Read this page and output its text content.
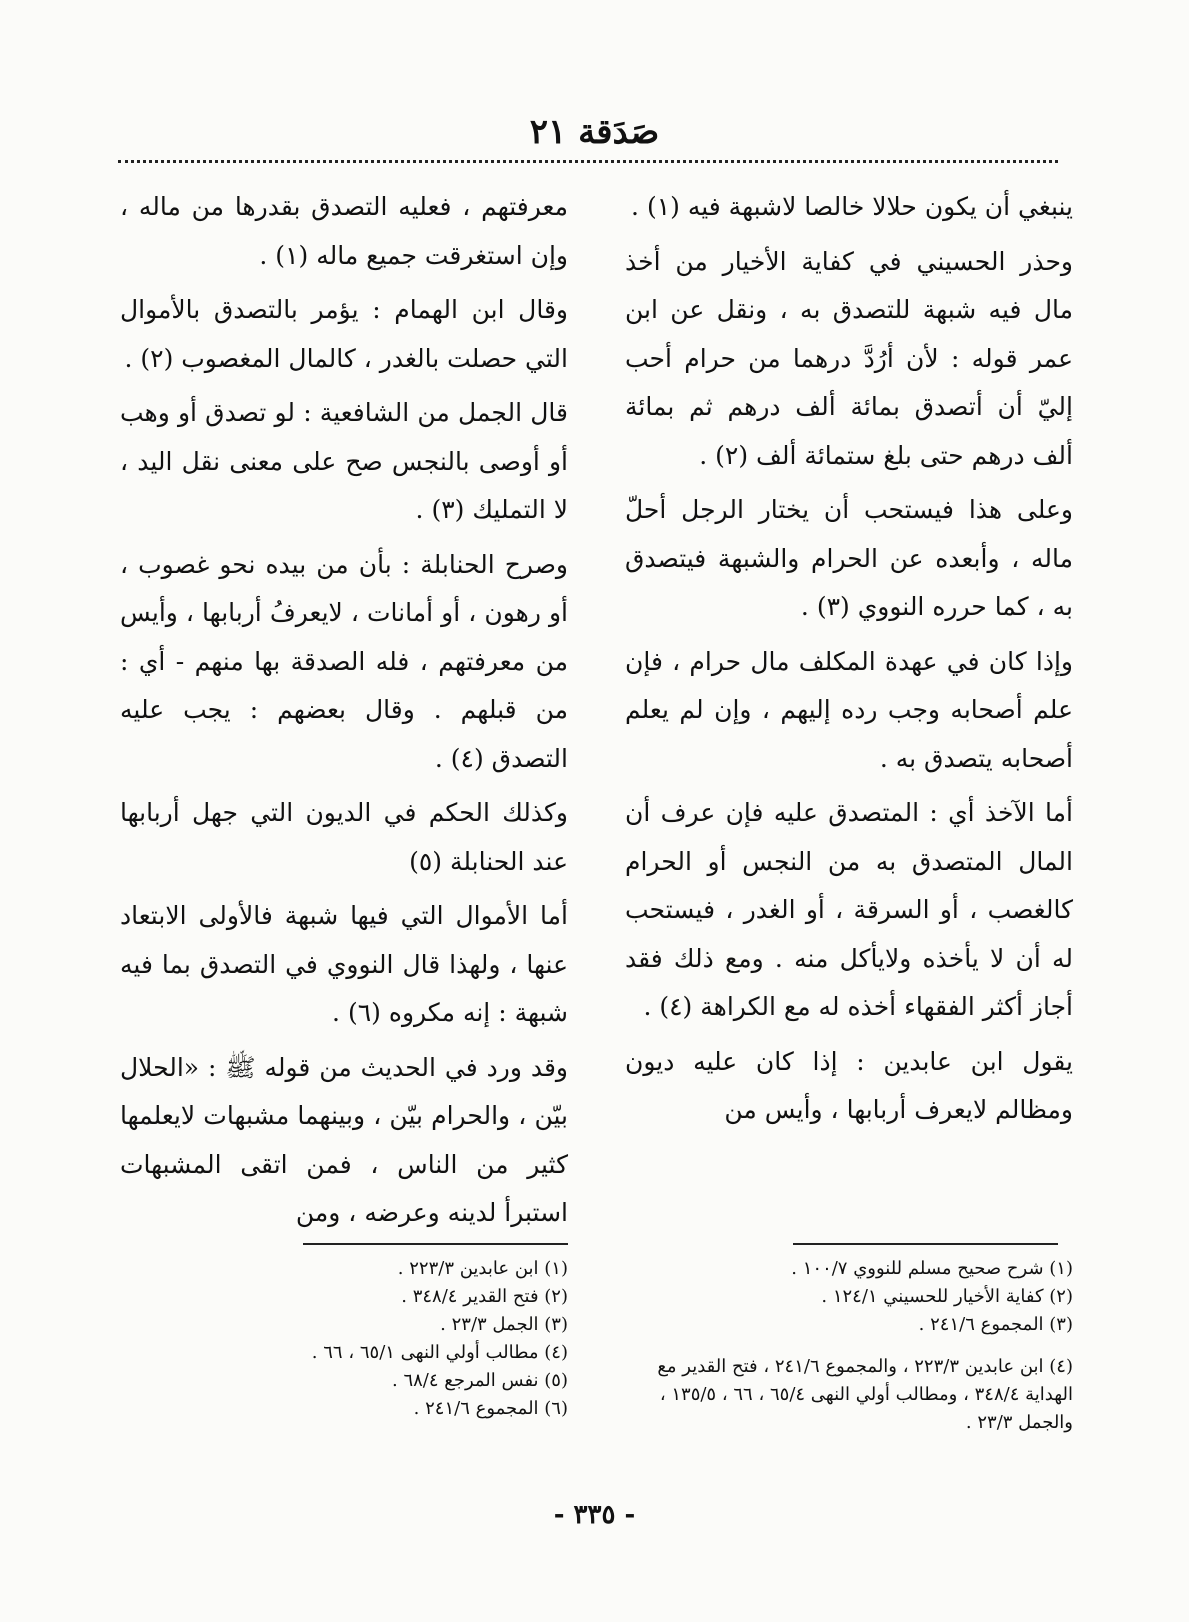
صَدَقة ٢١

ينبغي أن يكون حلالا خالصا لاشبهة فيه (١) .

وحذر الحسيني في كفاية الأخيار من أخذ مال فيه شبهة للتصدق به ، ونقل عن ابن عمر قوله : لأن أرُدَّ درهما من حرام أحب إليّ أن أتصدق بمائة ألف درهم ثم بمائة ألف درهم حتى بلغ ستمائة ألف (٢) .

وعلى هذا فيستحب أن يختار الرجل أحلّ ماله ، وأبعده عن الحرام والشبهة فيتصدق به ، كما حرره النووي (٣) .

وإذا كان في عهدة المكلف مال حرام ، فإن علم أصحابه وجب رده إليهم ، وإن لم يعلم أصحابه يتصدق به .

أما الآخذ أي : المتصدق عليه فإن عرف أن المال المتصدق به من النجس أو الحرام كالغصب ، أو السرقة ، أو الغدر ، فيستحب له أن لا يأخذه ولايأكل منه . ومع ذلك فقد أجاز أكثر الفقهاء أخذه له مع الكراهة (٤) .

يقول ابن عابدين : إذا كان عليه ديون ومظالم لايعرف أربابها ، وأيس من

معرفتهم ، فعليه التصدق بقدرها من ماله ، وإن استغرقت جميع ماله (١) .

وقال ابن الهمام : يؤمر بالتصدق بالأموال التي حصلت بالغدر ، كالمال المغصوب (٢) .

قال الجمل من الشافعية : لو تصدق أو وهب أو أوصى بالنجس صح على معنى نقل اليد ، لا التمليك (٣) .

وصرح الحنابلة : بأن من بيده نحو غصوب ، أو رهون ، أو أمانات ، لايعرفُ أربابها ، وأيس من معرفتهم ، فله الصدقة بها منهم - أي : من قبلهم . وقال بعضهم : يجب عليه التصدق (٤) .

وكذلك الحكم في الديون التي جهل أربابها عند الحنابلة (٥)

أما الأموال التي فيها شبهة فالأولى الابتعاد عنها ، ولهذا قال النووي في التصدق بما فيه شبهة : إنه مكروه (٦) .

وقد ورد في الحديث من قوله ﷺ : «الحلال بيّن ، والحرام بيّن ، وبينهما مشبهات لايعلمها كثير من الناس ، فمن اتقى المشبهات استبرأ لدينه وعرضه ، ومن

(١) شرح صحيح مسلم للنووي ١٠٠/٧ .

(٢) كفاية الأخيار للحسيني ١٢٤/١ .

(٣) المجموع ٢٤١/٦ .

(٤) ابن عابدين ٢٢٣/٣ ، والمجموع ٢٤١/٦ ، فتح القدير مع الهداية ٣٤٨/٤ ، ومطالب أولي النهى ٦٥/٤ ، ٦٦ ، ١٣٥/٥ ، والجمل ٢٣/٣ .

(١) ابن عابدين ٢٢٣/٣ .

(٢) فتح القدير ٣٤٨/٤ .

(٣) الجمل ٢٣/٣ .

(٤) مطالب أولي النهى ٦٥/١ ، ٦٦ .

(٥) نفس المرجع ٦٨/٤ .

(٦) المجموع ٢٤١/٦ .

- ٣٣٥ -
